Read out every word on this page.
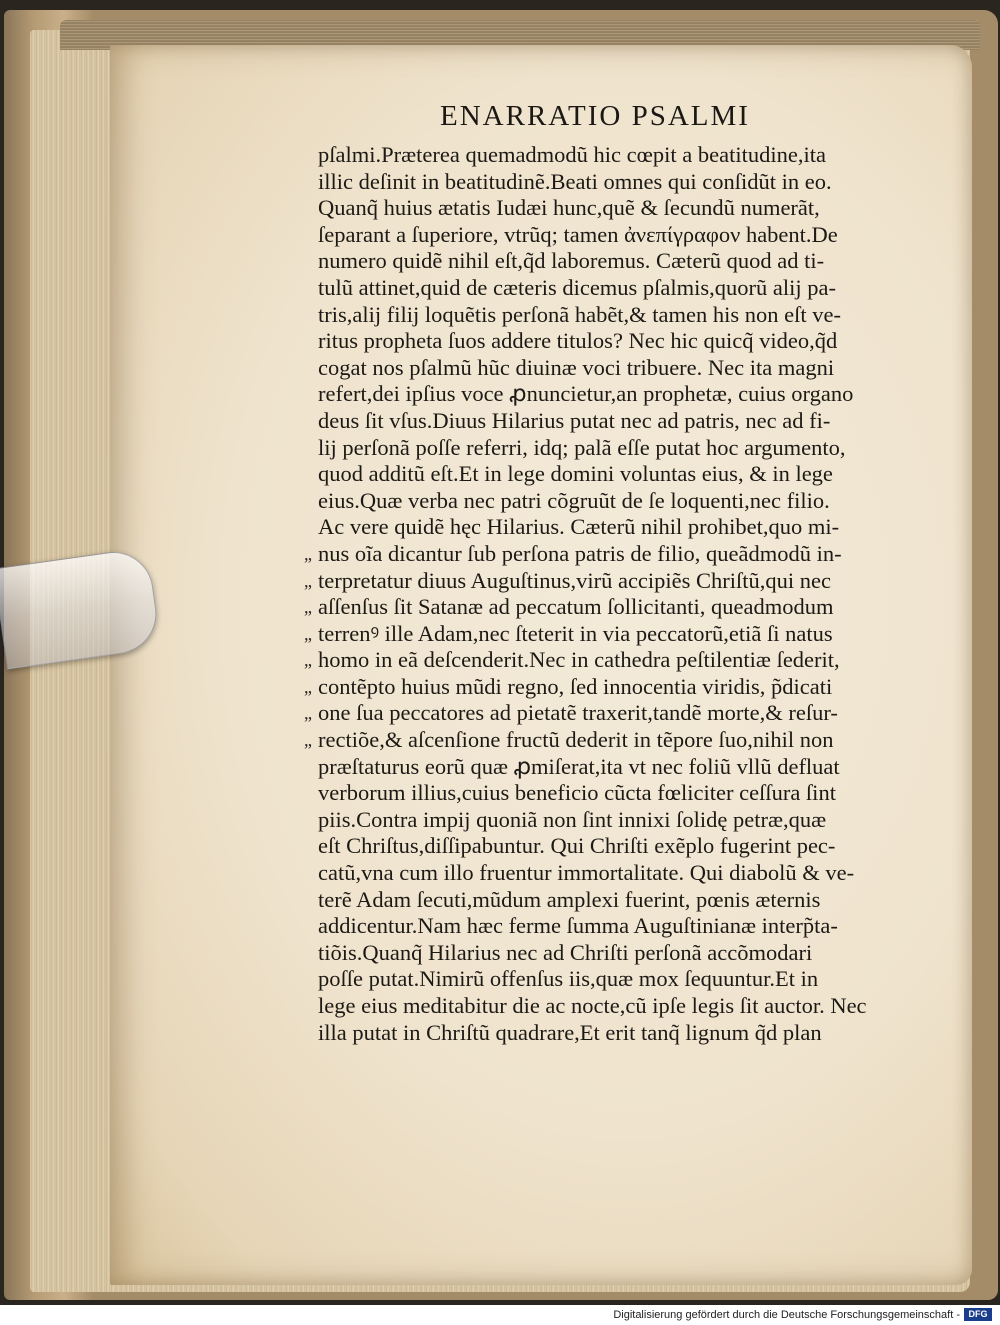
ENARRATIO PSALMI
pſalmi.Præterea quemadmodũ hic cœpit a beatitudine,ita
illic deſinit in beatitudinẽ.Beati omnes qui conſidũt in eo.
Quanq̃ huius ætatis Iudæi hunc,quẽ & ſecundũ numerãt,
ſeparant a ſuperiore, vtrũq; tamen ἀνεπίγραφον habent.De
numero quidẽ nihil eſt,q̃d laboremus. Cæterũ quod ad ti-
tulũ attinet,quid de cæteris dicemus pſalmis,quorũ alij pa-
tris,alij filij loquẽtis perſonã habẽt,& tamen his non eſt ve-
ritus propheta ſuos addere titulos? Nec hic quicq̃ video,q̃d
cogat nos pſalmũ hũc diuinæ voci tribuere. Nec ita magni
refert,dei ipſius voce ꝓnuncietur,an prophetæ, cuius organo
deus ſit vſus.Diuus Hilarius putat nec ad patris, nec ad fi-
lij perſonã poſſe referri, idq; palã eſſe putat hoc argumento,
quod additũ eſt.Et in lege domini voluntas eius, & in lege
eius.Quæ verba nec patri cõgruũt de ſe loquenti,nec filio.
Ac vere quidẽ hęc Hilarius. Cæterũ nihil prohibet,quo mi-
nus oĩa dicantur ſub perſona patris de filio, queãdmodũ in-
„
terpretatur diuus Auguſtinus,virũ accipiẽs Chriſtũ,qui nec
„
aſſenſus ſit Satanæ ad peccatum ſollicitanti, queadmodum
„
terrenꝰ ille Adam,nec ſteterit in via peccatorũ,etiã ſi natus
„
homo in eã deſcenderit.Nec in cathedra peſtilentiæ ſederit,
„
contẽpto huius mũdi regno, ſed innocentia viridis, p̃dicati
„
one ſua peccatores ad pietatẽ traxerit,tandẽ morte,& reſur-
„
rectiõe,& aſcenſione fructũ dederit in tẽpore ſuo,nihil non
„
præſtaturus eorũ quæ ꝓmiſerat,ita vt nec foliũ vllũ defluat
verborum illius,cuius beneficio cũcta fœliciter ceſſura ſint
piis.Contra impij quoniã non ſint innixi ſolidę petræ,quæ
eſt Chriſtus,diſſipabuntur. Qui Chriſti exẽplo fugerint pec-
catũ,vna cum illo fruentur immortalitate. Qui diabolũ & ve-
terẽ Adam ſecuti,mũdum amplexi fuerint, pœnis æternis
addicentur.Nam hæc ferme ſumma Auguſtinianæ interp̃ta-
tiõis.Quanq̃ Hilarius nec ad Chriſti perſonã accõmodari
poſſe putat.Nimirũ offenſus iis,quæ mox ſequuntur.Et in
lege eius meditabitur die ac nocte,cũ ipſe legis ſit auctor. Nec
illa putat in Chriſtũ quadrare,Et erit tanq̃ lignum q̃d plan
Digitalisierung gefördert durch die Deutsche Forschungsgemeinschaft - DFG
